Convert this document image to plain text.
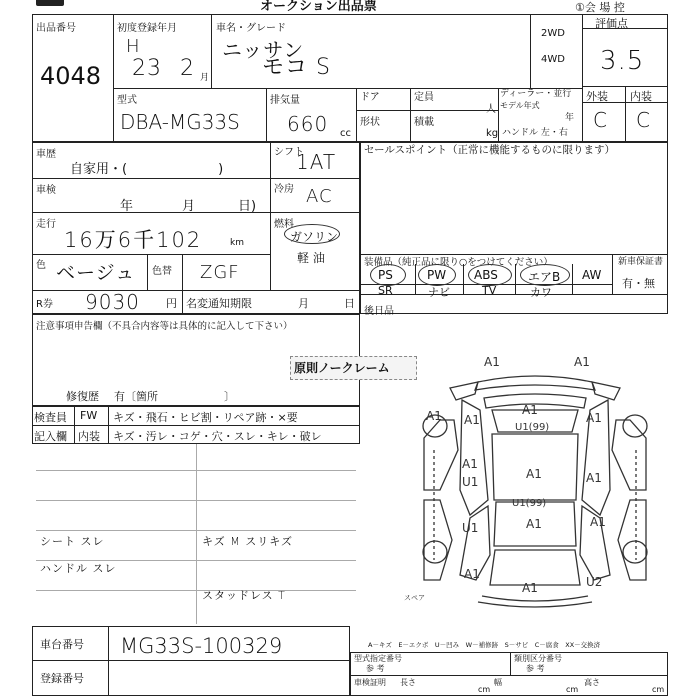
オークション出品票	①会 場 控
出品番号
4048
初度登録年月
H
23 2 月
車名・グレード
ニッサン
モコ S
2WD
4WD
評価点
3.5
型式
DBA-MG33S
排気量
660 cc
ドア	定員
人
ディーラー・並行
モデル年式
年
形状	積載
kg ハンドル 左・右
外装 内装
C C
車歴
自家用・(　　　　　　　)
シフト
1AT
車検
年	月	日)
冷房 AC
走行
16万6千102	km
燃料
ガソリン
軽 油
色 ベージュ 色替 ZGF
R券 9030 円 名変通知期限	月	日
セールスポイント（正常に機能するものに限ります）
装備品（純正品に限り○をつけてください）	新車保証書
有・無
PS	PW ABS	エアB AW
SR	ナビ	TV	カワ
後日品
注意事項申告欄（不具合内容等は具体的に記入して下さい）
原則ノークレーム
修復歴 有〔箇所　　　　　　〕
検査員
記入欄
FW キズ・飛石・ヒビ割・リペア跡・×要
内装 キズ・汚レ・コゲ・穴・スレ・キレ・破レ
シート スレ
ハンドル スレ
キズ M スリキズ
スタッドレス T
A1	A1
A1 A1
A1
A1
U1(99)
A1
U1
A1	A1
A1
U1(99)
A1
A1
A1	U2
U1
スペア
車台番号 MG33S-100329
登録番号
A－キズ　E－エクボ　U－凹み　W－補修跡　S－サビ　C－腐食　XX－交換済
型式指定番号
参 考
類別区分番号
参 考
車検証明 長さ
cm
幅
cm
高さ
cm
